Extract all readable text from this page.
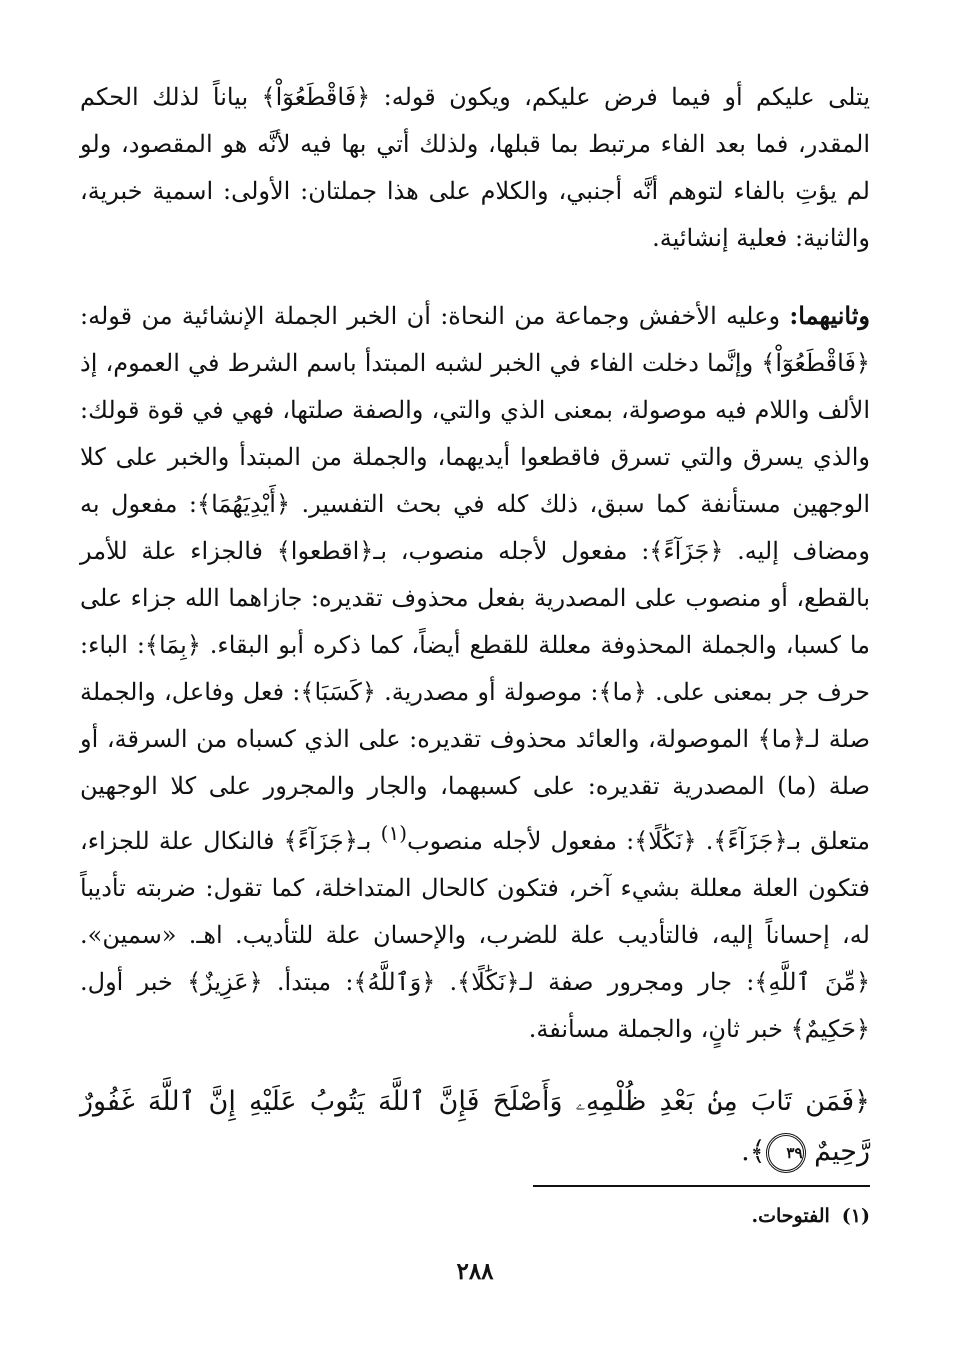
يتلى عليكم أو فيما فرض عليكم، ويكون قوله: ﴿فَاقْطَعُوٓاْ﴾ بياناً لذلك الحكم المقدر، فما بعد الفاء مرتبط بما قبلها، ولذلك أتي بها فيه لأنَّه هو المقصود، ولو لم يؤتِ بالفاء لتوهم أنَّه أجنبي، والكلام على هذا جملتان: الأولى: اسمية خبرية، والثانية: فعلية إنشائية.

وثانيهما: وعليه الأخفش وجماعة من النحاة: أن الخبر الجملة الإنشائية من قوله: ﴿فَاقْطَعُوٓاْ﴾ وإنَّما دخلت الفاء في الخبر لشبه المبتدأ باسم الشرط في العموم، إذ الألف واللام فيه موصولة، بمعنى الذي والتي، والصفة صلتها، فهي في قوة قولك: والذي يسرق والتي تسرق فاقطعوا أيديهما، والجملة من المبتدأ والخبر على كلا الوجهين مستأنفة كما سبق، ذلك كله في بحث التفسير. ﴿أَيْدِيَهُمَا﴾: مفعول به ومضاف إليه. ﴿جَزَآءً﴾: مفعول لأجله منصوب، بـ﴿اقطعوا﴾ فالجزاء علة للأمر بالقطع، أو منصوب على المصدرية بفعل محذوف تقديره: جازاهما الله جزاء على ما كسبا، والجملة المحذوفة معللة للقطع أيضاً، كما ذكره أبو البقاء. ﴿بِمَا﴾: الباء: حرف جر بمعنى على. ﴿ما﴾: موصولة أو مصدرية. ﴿كَسَبَا﴾: فعل وفاعل، والجملة صلة لـ﴿ما﴾ الموصولة، والعائد محذوف تقديره: على الذي كسباه من السرقة، أو صلة (ما) المصدرية تقديره: على كسبهما، والجار والمجرور على كلا الوجهين متعلق بـ﴿جَزَآءً﴾. ﴿نَكَٰلًا﴾: مفعول لأجله منصوب$^{(١)}$ بـ﴿جَزَآءً﴾ فالنكال علة للجزاء، فتكون العلة معللة بشيء آخر، فتكون كالحال المتداخلة، كما تقول: ضربته تأديباً له، إحساناً إليه، فالتأديب علة للضرب، والإحسان علة للتأديب. اهـ. «سمين». ﴿مِّنَ ٱللَّهِ﴾: جار ومجرور صفة لـ﴿نَكَٰلًا﴾. ﴿وَٱللَّهُ﴾: مبتدأ. ﴿عَزِيزٌ﴾ خبر أول. ﴿حَكِيمٌ﴾ خبر ثانٍ، والجملة مسأنفة.

﴿فَمَن تَابَ مِنۢ بَعْدِ ظُلْمِهِۦ وَأَصْلَحَ فَإِنَّ ٱللَّهَ يَتُوبُ عَلَيْهِ إِنَّ ٱللَّهَ غَفُورٌ رَّحِيمٌ ٣٩﴾.

(١)الفتوحات.

٢٨٨
